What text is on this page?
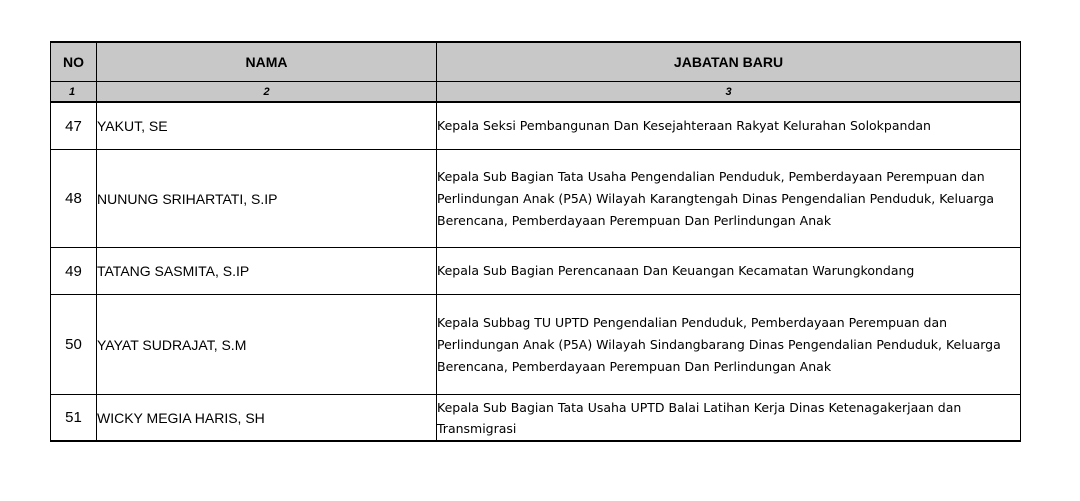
NO	NAMA	JABATAN BARU
1	2	3
47	YAKUT, SE	Kepala Seksi Pembangunan Dan Kesejahteraan Rakyat Kelurahan Solokpandan
48	NUNUNG SRIHARTATI, S.IP	Kepala Sub Bagian Tata Usaha Pengendalian Penduduk, Pemberdayaan Perempuan dan Perlindungan Anak (P5A) Wilayah Karangtengah Dinas Pengendalian Penduduk, Keluarga Berencana, Pemberdayaan Perempuan Dan Perlindungan Anak
49	TATANG SASMITA, S.IP	Kepala Sub Bagian Perencanaan Dan Keuangan Kecamatan Warungkondang
50	YAYAT SUDRAJAT, S.M	Kepala Subbag TU UPTD Pengendalian Penduduk, Pemberdayaan Perempuan dan Perlindungan Anak (P5A) Wilayah Sindangbarang Dinas Pengendalian Penduduk, Keluarga Berencana, Pemberdayaan Perempuan Dan Perlindungan Anak
51	WICKY MEGIA HARIS, SH	Kepala Sub Bagian Tata Usaha UPTD Balai Latihan Kerja Dinas Ketenagakerjaan dan Transmigrasi
